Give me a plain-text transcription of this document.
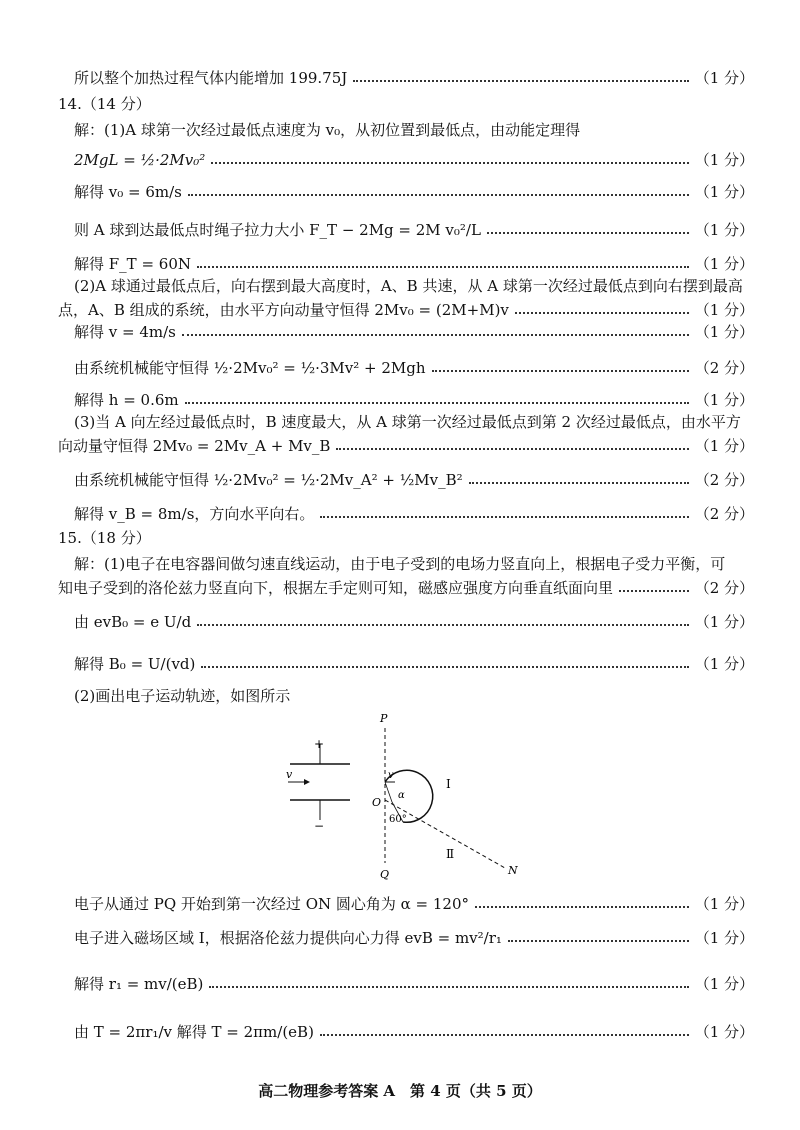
所以整个加热过程气体内能增加 199.75J	（1 分）
14.（14 分）
解：(1)A 球第一次经过最低点速度为 v₀，从初位置到最低点，由动能定理得
2MgL = ½·2Mv₀²	（1 分）
解得 v₀ = 6m/s	（1 分）
则 A 球到达最低点时绳子拉力大小 F_T − 2Mg = 2M v₀²/L	（1 分）
解得 F_T = 60N	（1 分）
(2)A 球通过最低点后，向右摆到最大高度时，A、B 共速，从 A 球第一次经过最低点到向右摆到最高
点，A、B 组成的系统，由水平方向动量守恒得 2Mv₀ = (2M+M)v	（1 分）
解得 v = 4m/s	（1 分）
由系统机械能守恒得 ½·2Mv₀² = ½·3Mv² + 2Mgh	（2 分）
解得 h = 0.6m	（1 分）
(3)当 A 向左经过最低点时，B 速度最大，从 A 球第一次经过最低点到第 2 次经过最低点，由水平方
向动量守恒得 2Mv₀ = 2Mv_A + Mv_B	（1 分）
由系统机械能守恒得 ½·2Mv₀² = ½·2Mv_A² + ½Mv_B²	（2 分）
解得 v_B = 8m/s，方向水平向右。	（2 分）
15.（18 分）
解：(1)电子在电容器间做匀速直线运动，由于电子受到的电场力竖直向上，根据电子受力平衡，可
知电子受到的洛伦兹力竖直向下，根据左手定则可知，磁感应强度方向垂直纸面向里	（2 分）
由 evB₀ = e U/d	（1 分）
解得 B₀ = U/(vd)	（1 分）
(2)画出电子运动轨迹，如图所示
+
−
v
P
Q	N
O
v
α
60°
Ⅰ
Ⅱ
电子从通过 PQ 开始到第一次经过 ON 圆心角为 α = 120°	（1 分）
电子进入磁场区域 Ⅰ，根据洛伦兹力提供向心力得 evB = mv²/r₁	（1 分）
解得 r₁ = mv/(eB)	（1 分）
由 T = 2πr₁/v 解得 T = 2πm/(eB)	（1 分）
高二物理参考答案 A　第 4 页（共 5 页）
